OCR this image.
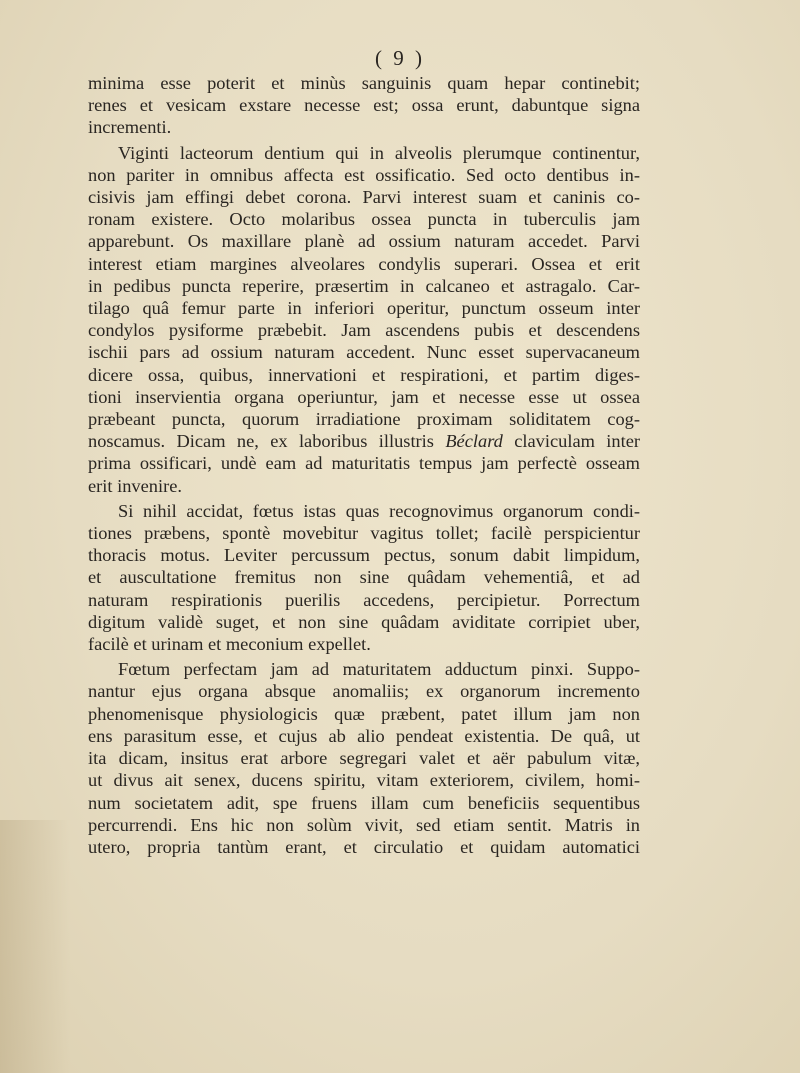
( 9 )
minima esse poterit et minùs sanguinis quam hepar continebit;
renes et vesicam exstare necesse est; ossa erunt, dabuntque signa
incrementi.
Viginti lacteorum dentium qui in alveolis plerumque continentur,
non pariter in omnibus affecta est ossificatio. Sed octo dentibus in-
cisivis jam effingi debet corona. Parvi interest suam et caninis co-
ronam existere. Octo molaribus ossea puncta in tuberculis jam
apparebunt. Os maxillare planè ad ossium naturam accedet. Parvi
interest etiam margines alveolares condylis superari. Ossea et erit
in pedibus puncta reperire, præsertim in calcaneo et astragalo. Car-
tilago quâ femur parte in inferiori operitur, punctum osseum inter
condylos pysiforme præbebit. Jam ascendens pubis et descendens
ischii pars ad ossium naturam accedent. Nunc esset supervacaneum
dicere ossa, quibus, innervationi et respirationi, et partim diges-
tioni inservientia organa operiuntur, jam et necesse esse ut ossea
præbeant puncta, quorum irradiatione proximam soliditatem cog-
noscamus. Dicam ne, ex laboribus illustris Béclard claviculam inter
prima ossificari, undè eam ad maturitatis tempus jam perfectè osseam
erit invenire.
Si nihil accidat, fœtus istas quas recognovimus organorum condi-
tiones præbens, spontè movebitur vagitus tollet; facilè perspicientur
thoracis motus. Leviter percussum pectus, sonum dabit limpidum,
et auscultatione fremitus non sine quâdam vehementiâ, et ad
naturam respirationis puerilis accedens, percipietur. Porrectum
digitum validè suget, et non sine quâdam aviditate corripiet uber,
facilè et urinam et meconium expellet.
Fœtum perfectam jam ad maturitatem adductum pinxi. Suppo-
nantur ejus organa absque anomaliis; ex organorum incremento
phenomenisque physiologicis quæ præbent, patet illum jam non
ens parasitum esse, et cujus ab alio pendeat existentia. De quâ, ut
ita dicam, insitus erat arbore segregari valet et aër pabulum vitæ,
ut divus ait senex, ducens spiritu, vitam exteriorem, civilem, homi-
num societatem adit, spe fruens illam cum beneficiis sequentibus
percurrendi. Ens hic non solùm vivit, sed etiam sentit. Matris in
utero, propria tantùm erant, et circulatio et quidam automatici
